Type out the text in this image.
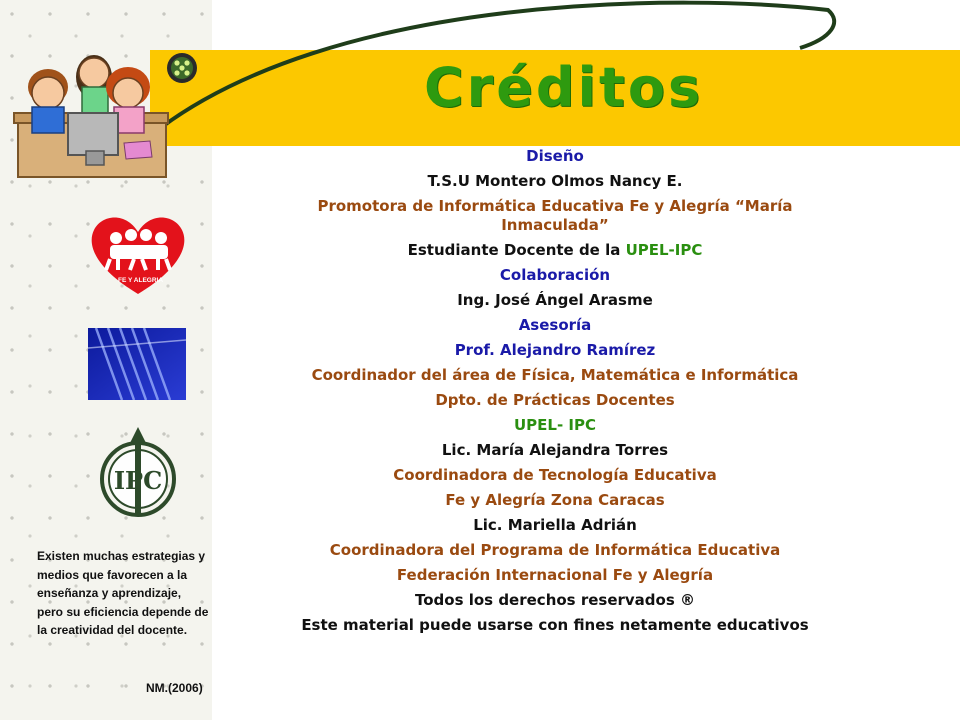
FE Y ALEGRIA
IPC
Créditos
Diseño
T.S.U Montero Olmos Nancy E.
Promotora de Informática Educativa Fe y Alegría “María Inmaculada”
Estudiante Docente de la UPEL-IPC
Colaboración
Ing. José Ángel Arasme
Asesoría
Prof. Alejandro Ramírez
Coordinador del área de Física, Matemática e Informática
Dpto. de Prácticas Docentes
UPEL- IPC
Lic. María Alejandra Torres
Coordinadora de Tecnología Educativa
Fe y Alegría Zona Caracas
Lic. Mariella Adrián
Coordinadora del Programa de Informática Educativa
Federación Internacional Fe y Alegría
Todos los derechos reservados ®
Este material puede usarse con fines netamente educativos
Existen muchas estrategias y medios que favorecen a la enseñanza y aprendizaje, pero su eficiencia depende de la creatividad del docente.
NM.(2006)
